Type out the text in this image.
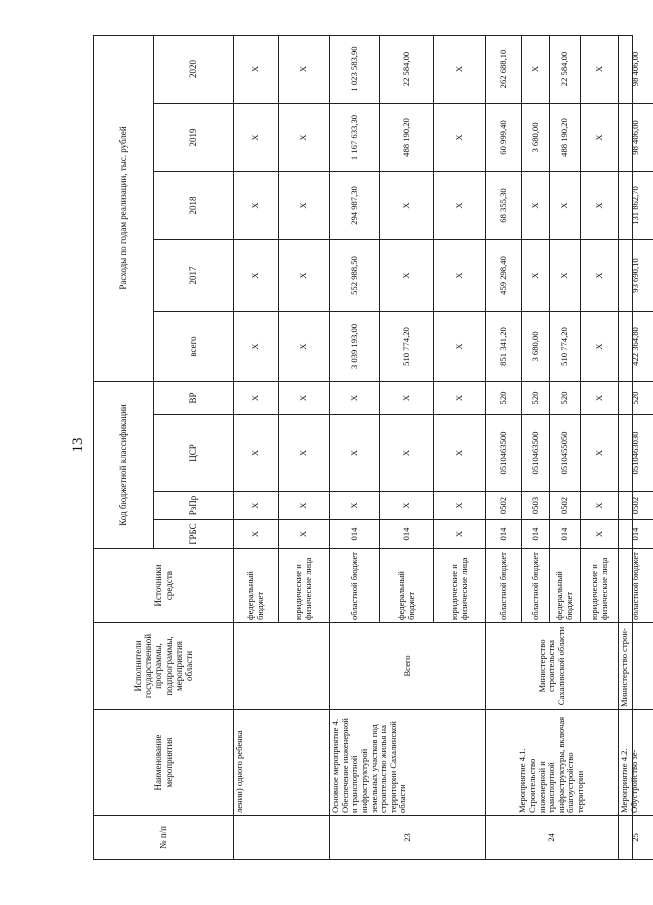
13
№ п/п
Наименование мероприятия
Исполнители государственной программы, подпрограммы, мероприятия области
Источники средств
Код бюджетной классификации
ГРБС
РзПр
ЦСР
ВР
Расходы по годам реализации, тыс. рублей
всего
2017
2018
2019
2020
лении) одного ребенка
федеральный бюджет
X
X
X
X
X
X
X
X
X
юридические и физические лица
X
X
X
X
X
X
X
X
X
23
Основное мероприятие 4. Обеспечение инженерной и транспортной инфраструктурой земельных участков под строительство жилья на территории Сахалинской области
Всего
областной бюджет
014
X
X
X
3 039 193,00
552 988,50
294 987,30
1 167 633,30
1 023 583,90
федеральный бюджет
014
X
X
X
510 774,20
X
X
488 190,20
22 584,00
юридические и физические лица
X
X
X
X
X
X
X
X
X
24
Мероприятие 4.1. Строительство инженерной и транспортной инфраструктуры, включая благоустройство территории
Министерство строительства Сахалинской области
областной бюджет
014
0502
0510463500
520
851 341,20
459 298,40
68 355,30
60 999,40
262 688,10
областной бюджет
014
0503
0510463500
520
3 680,00
X
X
3 680,00
X
федеральный бюджет
014
0502
0510455050
520
510 774,20
X
X
488 190,20
22 584,00
юридические и физические лица
X
X
X
X
X
X
X
X
X
25
Мероприятие 4.2. Обустройство зе-
Министерство строи-
областной бюджет
014
0502
0510463030
520
422 364,80
93 690,10
131 862,70
98 406,00
98 406,00
